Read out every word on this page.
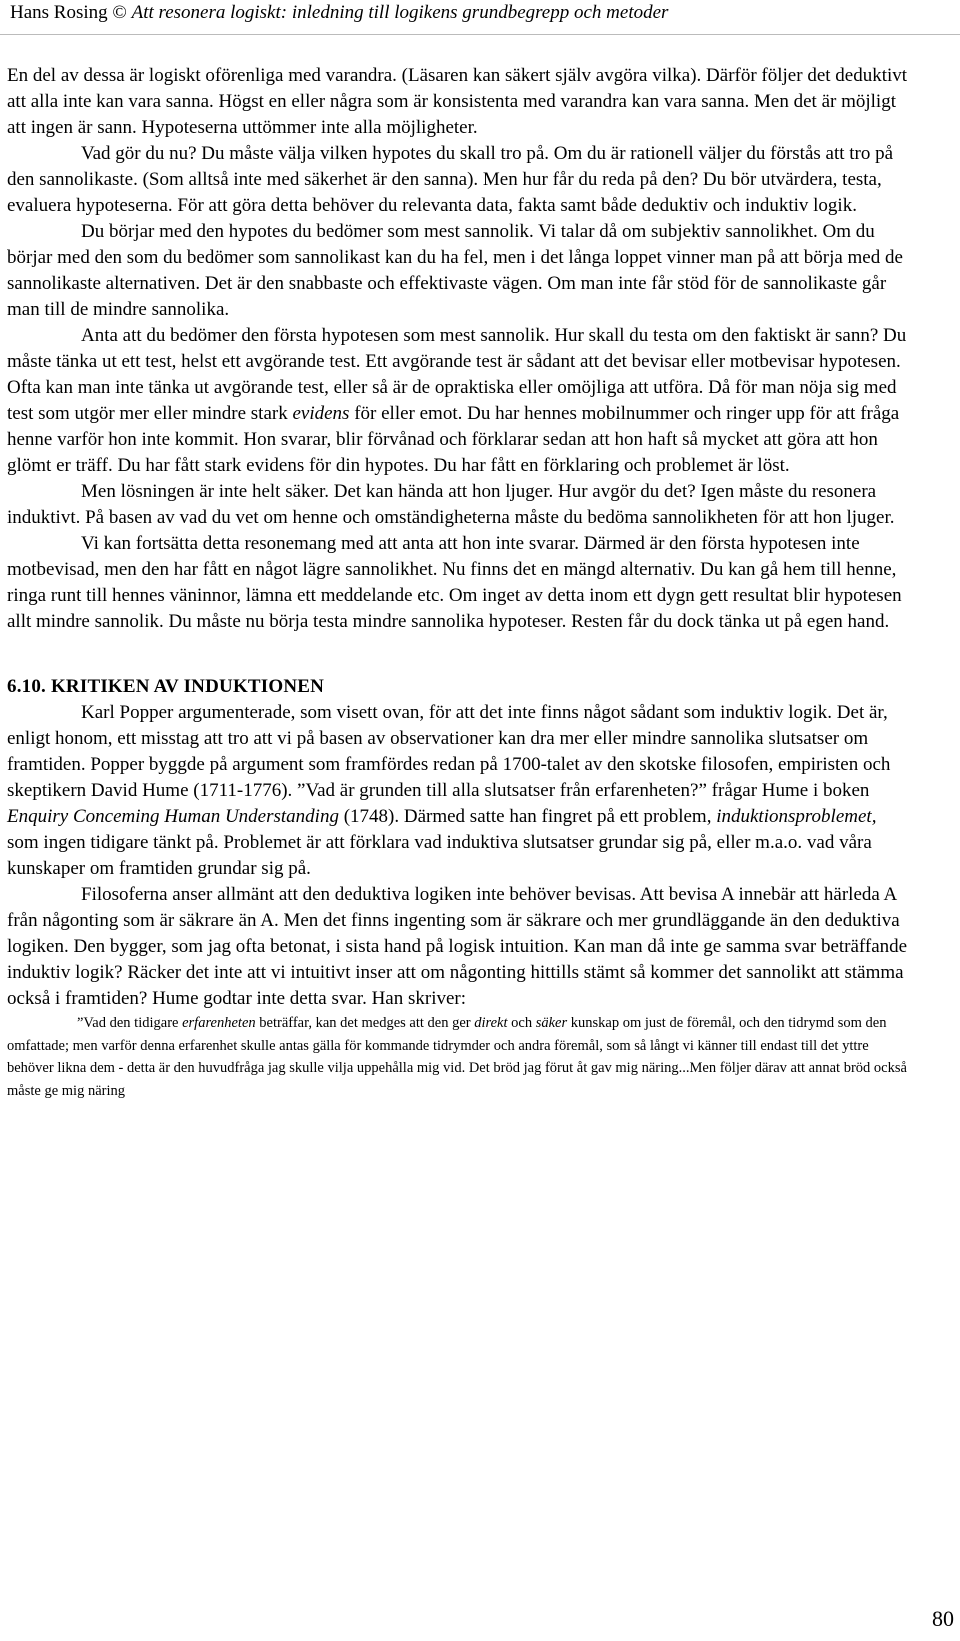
Hans Rosing © Att resonera logiskt: inledning till logikens grundbegrepp och metoder

En del av dessa är logiskt oförenliga med varandra. (Läsaren kan säkert själv avgöra vilka). Därför följer det deduktivt att alla inte kan vara sanna. Högst en eller några som är konsistenta med varandra kan vara sanna. Men det är möjligt att ingen är sann. Hypoteserna uttömmer inte alla möjligheter.

Vad gör du nu? Du måste välja vilken hypotes du skall tro på. Om du är rationell väljer du förstås att tro på den sannolikaste. (Som alltså inte med säkerhet är den sanna). Men hur får du reda på den? Du bör utvärdera, testa, evaluera hypoteserna. För att göra detta behöver du relevanta data, fakta samt både deduktiv och induktiv logik.

Du börjar med den hypotes du bedömer som mest sannolik. Vi talar då om subjektiv sannolikhet. Om du börjar med den som du bedömer som sannolikast kan du ha fel, men i det långa loppet vinner man på att börja med de sannolikaste alternativen. Det är den snabbaste och effektivaste vägen. Om man inte får stöd för de sannolikaste går man till de mindre sannolika.

Anta att du bedömer den första hypotesen som mest sannolik. Hur skall du testa om den faktiskt är sann? Du måste tänka ut ett test, helst ett avgörande test. Ett avgörande test är sådant att det bevisar eller motbevisar hypotesen. Ofta kan man inte tänka ut avgörande test, eller så är de opraktiska eller omöjliga att utföra. Då för man nöja sig med test som utgör mer eller mindre stark evidens för eller emot. Du har hennes mobilnummer och ringer upp för att fråga henne varför hon inte kommit. Hon svarar, blir förvånad och förklarar sedan att hon haft så mycket att göra att hon glömt er träff. Du har fått stark evidens för din hypotes. Du har fått en förklaring och problemet är löst.

Men lösningen är inte helt säker. Det kan hända att hon ljuger. Hur avgör du det? Igen måste du resonera induktivt. På basen av vad du vet om henne och omständigheterna måste du bedöma sannolikheten för att hon ljuger.

Vi kan fortsätta detta resonemang med att anta att hon inte svarar. Därmed är den första hypotesen inte motbevisad, men den har fått en något lägre sannolikhet. Nu finns det en mängd alternativ. Du kan gå hem till henne, ringa runt till hennes väninnor, lämna ett meddelande etc. Om inget av detta inom ett dygn gett resultat blir hypotesen allt mindre sannolik. Du måste nu börja testa mindre sannolika hypoteser. Resten får du dock tänka ut på egen hand.

6.10. KRITIKEN AV INDUKTIONEN

Karl Popper argumenterade, som visett ovan, för att det inte finns något sådant som induktiv logik. Det är, enligt honom, ett misstag att tro att vi på basen av observationer kan dra mer eller mindre sannolika slutsatser om framtiden. Popper byggde på argument som framfördes redan på 1700-talet av den skotske filosofen, empiristen och skeptikern David Hume (1711-1776). ”Vad är grunden till alla slutsatser från erfarenheten?” frågar Hume i boken Enquiry Conceming Human Understanding (1748). Därmed satte han fingret på ett problem, induktionsproblemet, som ingen tidigare tänkt på. Problemet är att förklara vad induktiva slutsatser grundar sig på, eller m.a.o. vad våra kunskaper om framtiden grundar sig på.

Filosoferna anser allmänt att den deduktiva logiken inte behöver bevisas. Att bevisa A innebär att härleda A från någonting som är säkrare än A. Men det finns ingenting som är säkrare och mer grundläggande än den deduktiva logiken. Den bygger, som jag ofta betonat, i sista hand på logisk intuition. Kan man då inte ge samma svar beträffande induktiv logik? Räcker det inte att vi intuitivt inser att om någonting hittills stämt så kommer det sannolikt att stämma också i framtiden? Hume godtar inte detta svar. Han skriver:

”Vad den tidigare erfarenheten beträffar, kan det medges att den ger direkt och säker kunskap om just de föremål, och den tidrymd som den omfattade; men varför denna erfarenhet skulle antas gälla för kommande tidrymder och andra föremål, som så långt vi känner till endast till det yttre behöver likna dem - detta är den huvudfråga jag skulle vilja uppehålla mig vid. Det bröd jag förut åt gav mig näring...Men följer därav att annat bröd också måste ge mig näring

80
